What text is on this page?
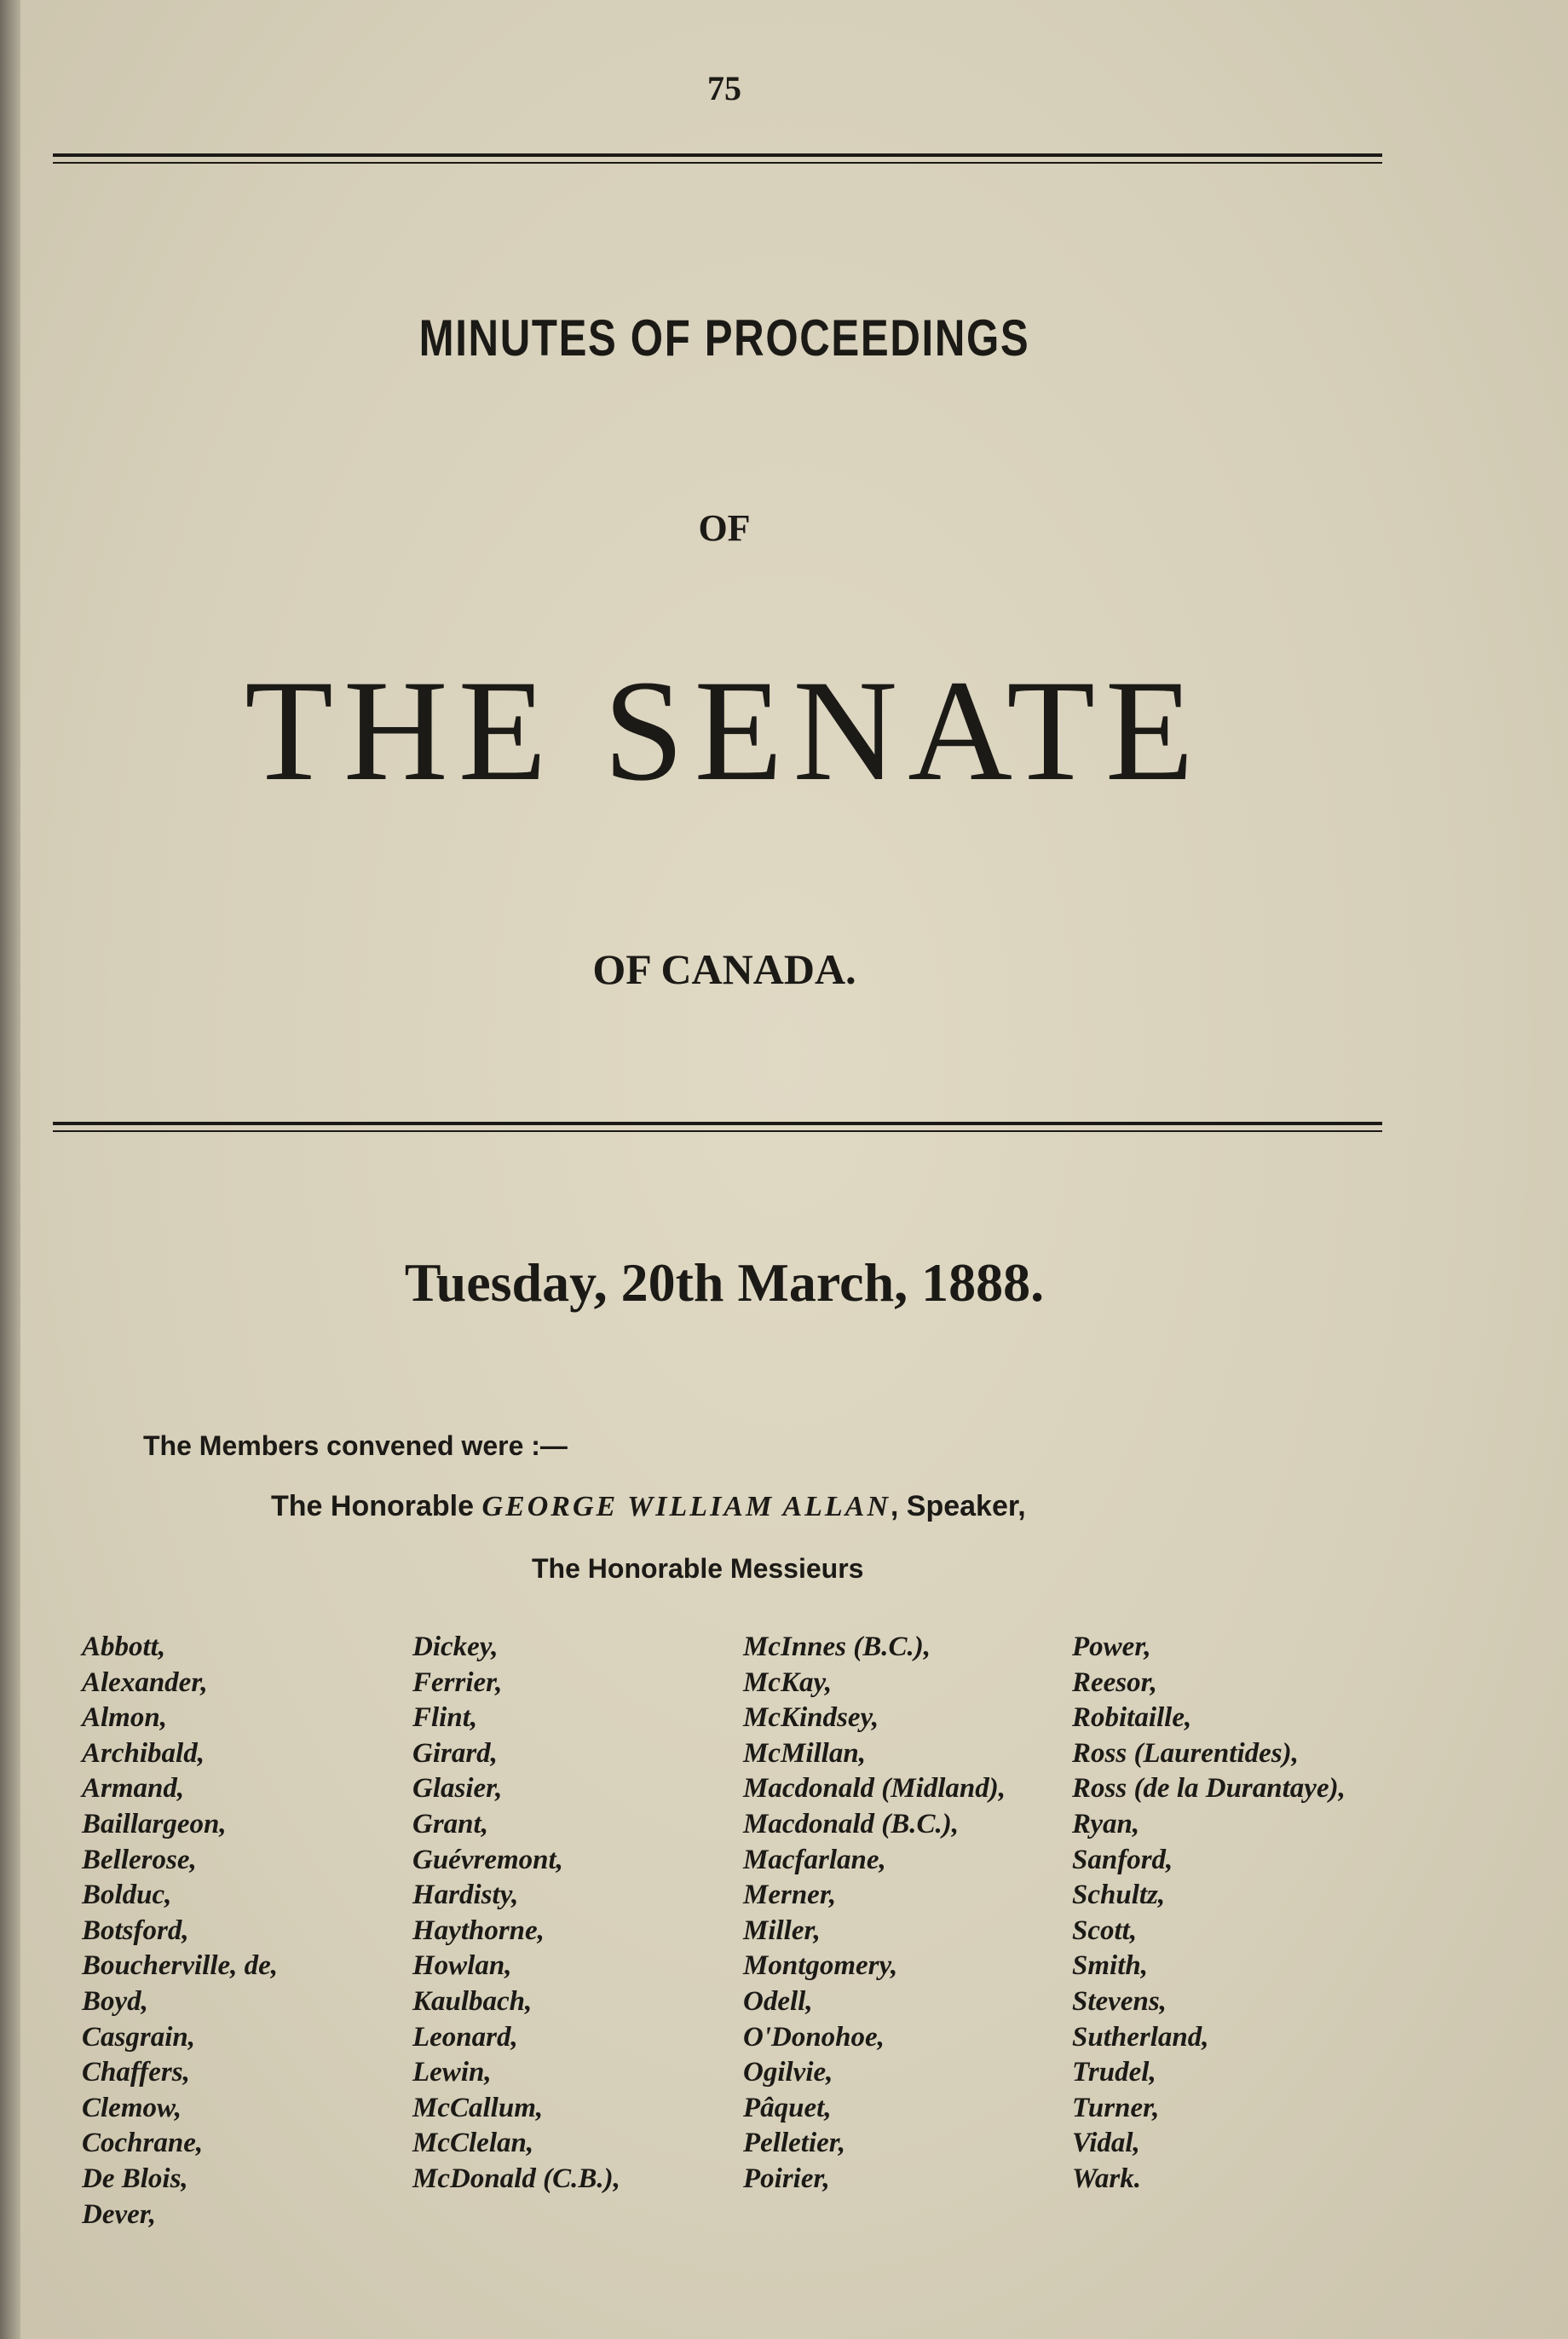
75
MINUTES OF PROCEEDINGS
OF
THE SENATE
OF CANADA.
Tuesday, 20th March, 1888.
The Members convened were :—
The Honorable GEORGE WILLIAM ALLAN, Speaker,
The Honorable Messieurs
Abbott,
Alexander,
Almon,
Archibald,
Armand,
Baillargeon,
Bellerose,
Bolduc,
Botsford,
Boucherville, de,
Boyd,
Casgrain,
Chaffers,
Clemow,
Cochrane,
De Blois,
Dever,
Dickey,
Ferrier,
Flint,
Girard,
Glasier,
Grant,
Guévremont,
Hardisty,
Haythorne,
Howlan,
Kaulbach,
Leonard,
Lewin,
McCallum,
McClelan,
McDonald (C.B.),
McInnes (B.C.),
McKay,
McKindsey,
McMillan,
Macdonald (Midland),
Macdonald (B.C.),
Macfarlane,
Merner,
Miller,
Montgomery,
Odell,
O'Donohoe,
Ogilvie,
Pâquet,
Pelletier,
Poirier,
Power,
Reesor,
Robitaille,
Ross (Laurentides),
Ross (de la Durantaye),
Ryan,
Sanford,
Schultz,
Scott,
Smith,
Stevens,
Sutherland,
Trudel,
Turner,
Vidal,
Wark.
